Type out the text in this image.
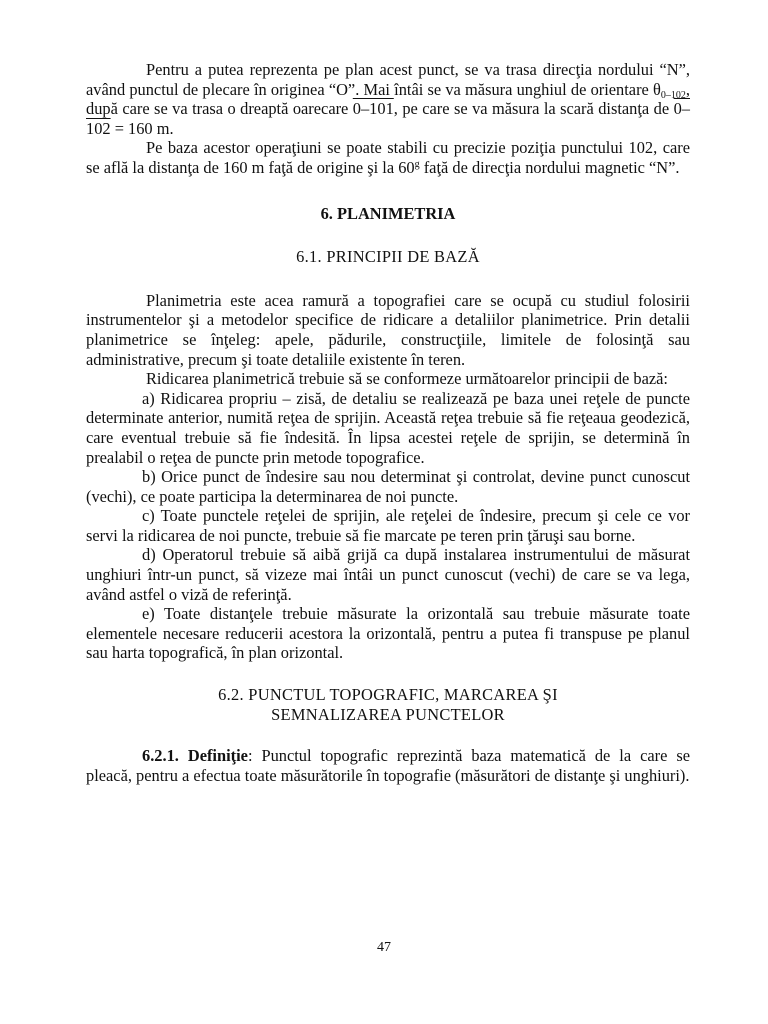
Pentru a putea reprezenta pe plan acest punct, se va trasa direcţia nordului “N”, având punctul de plecare în originea “O”. Mai întâi se va măsura unghiul de orientare $\theta_{0-102}$, după care se va trasa o dreaptă oarecare 0–101, pe care se va măsura la scară distanţa de 0–102 = 160 m.

Pe baza acestor operaţiuni se poate stabili cu precizie poziţia punctului 102, care se află la distanţa de 160 m faţă de origine şi la 60$^g$ faţă de direcţia nordului magnetic “N”.

6. PLANIMETRIA
6.1. PRINCIPII DE BAZĂ

Planimetria este acea ramură a topografiei care se ocupă cu studiul folosirii instrumentelor şi a metodelor specifice de ridicare a detaliilor planimetrice. Prin detalii planimetrice se înţeleg: apele, pădurile, construcţiile, limitele de folosinţă sau administrative, precum şi toate detaliile existente în teren.

Ridicarea planimetrică trebuie să se conformeze următoarelor principii de bază:

a) Ridicarea propriu – zisă, de detaliu se realizează pe baza unei reţele de puncte determinate anterior, numită reţea de sprijin. Această reţea trebuie să fie reţeaua geodezică, care eventual trebuie să fie îndesită. În lipsa acestei reţele de sprijin, se determină în prealabil o reţea de puncte prin metode topografice.

b) Orice punct de îndesire sau nou determinat şi controlat, devine punct cunoscut (vechi), ce poate participa la determinarea de noi puncte.

c) Toate punctele reţelei de sprijin, ale reţelei de îndesire, precum şi cele ce vor servi la ridicarea de noi puncte, trebuie să fie marcate pe teren prin ţăruşi sau borne.

d) Operatorul trebuie să aibă grijă ca după instalarea instrumentului de măsurat unghiuri într-un punct, să vizeze mai întâi un punct cunoscut (vechi) de care se va lega, având astfel o viză de referinţă.

e) Toate distanţele trebuie măsurate la orizontală sau trebuie măsurate toate elementele necesare reducerii acestora la orizontală, pentru a putea fi transpuse pe planul sau harta topografică, în plan orizontal.

6.2. PUNCTUL TOPOGRAFIC, MARCAREA ŞI
SEMNALIZAREA PUNCTELOR

6.2.1. Definiţie: Punctul topografic reprezintă baza matematică de la care se pleacă, pentru a efectua toate măsurătorile în topografie (măsurători de distanţe şi unghiuri).

47
